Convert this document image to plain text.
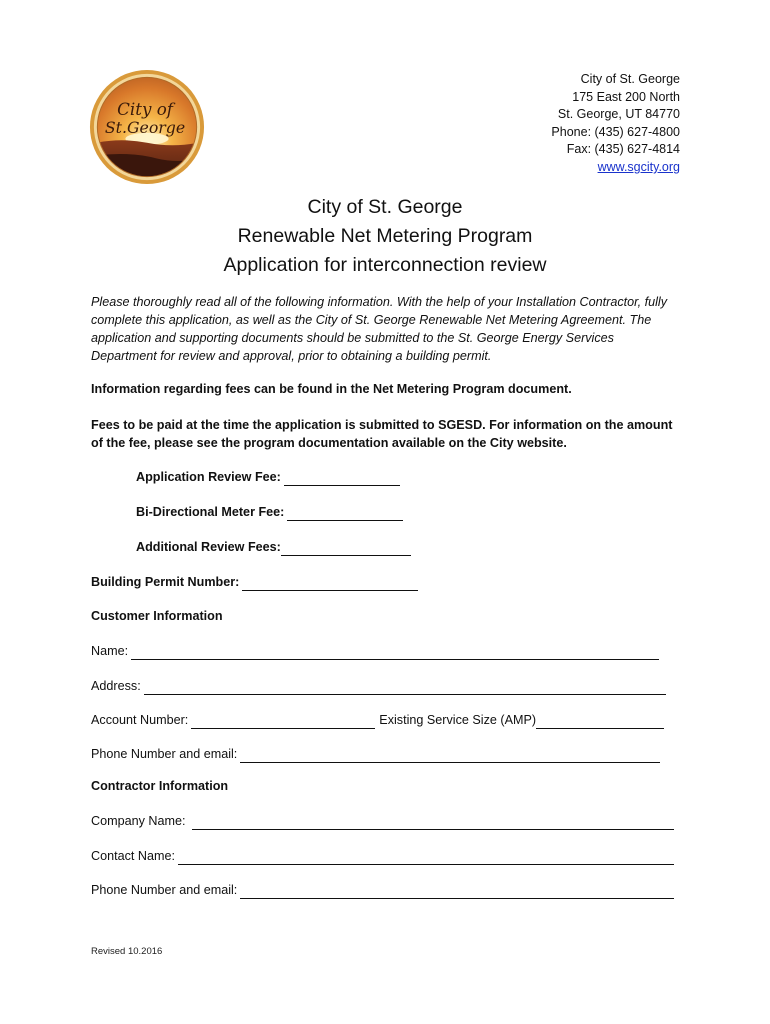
City of
St.George
City of St. George
175 East 200 North
St. George, UT 84770
Phone: (435) 627-4800
Fax: (435) 627-4814
www.sgcity.org
City of St. George
Renewable Net Metering Program
Application for interconnection review
Please thoroughly read all of the following information. With the help of your Installation Contractor, fully complete this application, as well as the City of St. George Renewable Net Metering Agreement. The application and supporting documents should be submitted to the St. George Energy Services Department for review and approval, prior to obtaining a building permit.
Information regarding fees can be found in the Net Metering Program document.
Fees to be paid at the time the application is submitted to SGESD. For information on the amount of the fee, please see the program documentation available on the City website.
Application Review Fee:
Bi-Directional Meter Fee:
Additional Review Fees:
Building Permit Number:
Customer Information
Name:
Address:
Account Number:	Existing Service Size (AMP)
Phone Number and email:
Contractor Information
Company Name:
Contact Name:
Phone Number and email:
Revised 10.2016
